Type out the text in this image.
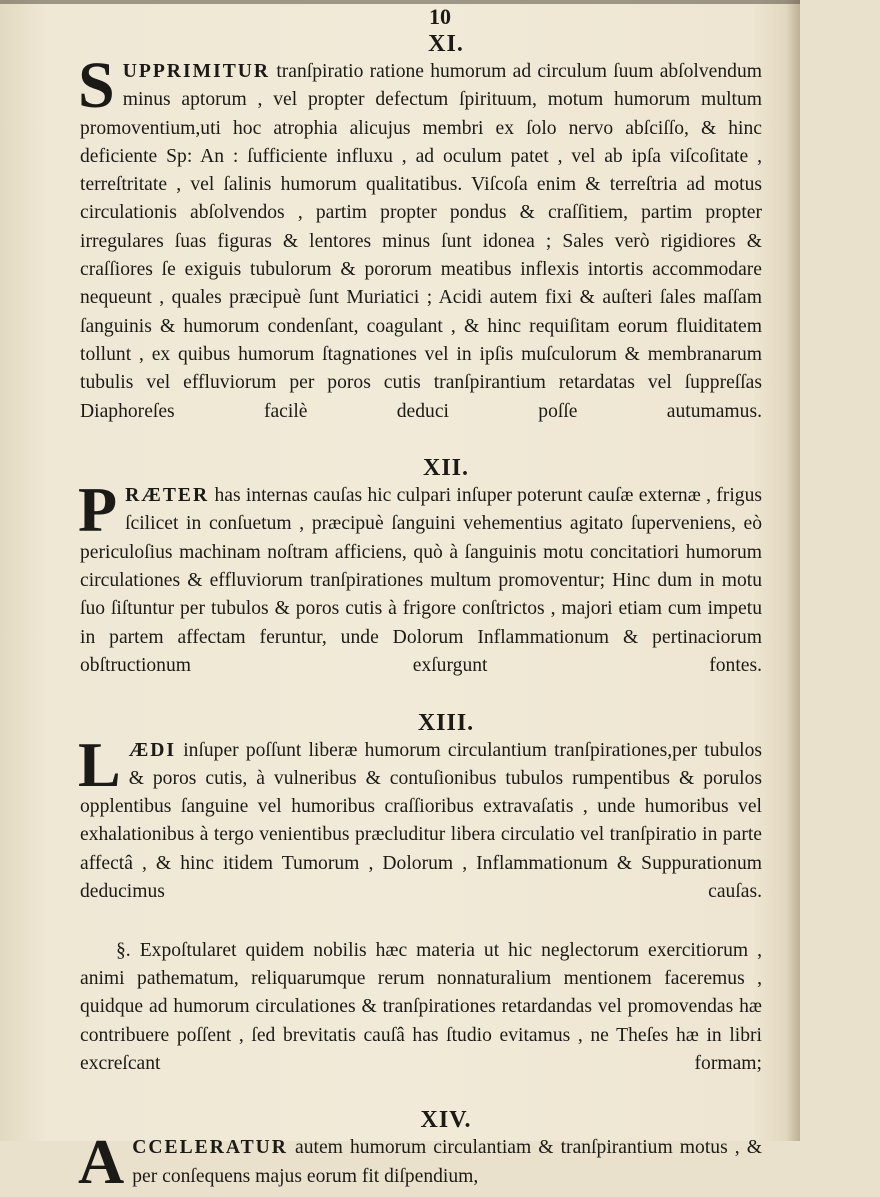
10
XI.
SUPPRIMITUR tranſpiratio ratione humorum ad circulum ſuum abſolvendum minus aptorum , vel propter defectum ſpirituum, motum humorum multum promoventium,uti hoc atrophia alicujus membri ex ſolo nervo abſciſſo, & hinc deficiente Sp: An : ſufficiente influxu , ad oculum patet , vel ab ipſa viſcoſitate , terreſtritate , vel ſalinis humorum qualitatibus. Viſcoſa enim & terreſtria ad motus circulationis abſolvendos , partim propter pondus & craſſitiem, partim propter irregulares ſuas figuras & lentores minus ſunt idonea ; Sales verò rigidiores & craſſiores ſe exiguis tubulorum & pororum meatibus inflexis intortis accommodare nequeunt , quales præcipuè ſunt Muriatici ; Acidi autem fixi & auſteri ſales maſſam ſanguinis & humorum condenſant, coagulant , & hinc requiſitam eorum fluiditatem tollunt , ex quibus humorum ſtagnationes vel in ipſis muſculorum & membranarum tubulis vel effluviorum per poros cutis tranſpirantium retardatas vel ſuppreſſas Diaphoreſes facilè deduci poſſe autumamus.
XII.
PRÆTER has internas cauſas hic culpari inſuper poterunt cauſæ externæ , frigus ſcilicet in conſuetum , præcipuè ſanguini vehementius agitato ſuperveniens, eò periculoſius machinam noſtram afficiens, quò à ſanguinis motu concitatiori humorum circulationes & effluviorum tranſpirationes multum promoventur; Hinc dum in motu ſuo ſiſtuntur per tubulos & poros cutis à frigore conſtrictos , majori etiam cum impetu in partem affectam feruntur, unde Dolorum Inflammationum & pertinaciorum obſtructionum exſurgunt fontes.
XIII.
LÆDI inſuper poſſunt liberæ humorum circulantium tranſpirationes,per tubulos & poros cutis, à vulneribus & contuſionibus tubulos rumpentibus & porulos opplentibus ſanguine vel humoribus craſſioribus extravaſatis , unde humoribus vel exhalationibus à tergo venientibus præcluditur libera circulatio vel tranſpiratio in parte affectâ , & hinc itidem Tumorum , Dolorum , Inflammationum & Suppurationum deducimus cauſas.
§. Expoſtularet quidem nobilis hæc materia ut hic neglectorum exercitiorum , animi pathematum, reliquarumque rerum nonnaturalium mentionem faceremus , quidque ad humorum circulationes & tranſpirationes retardandas vel promovendas hæ contribuere poſſent , ſed brevitatis cauſâ has ſtudio evitamus , ne Theſes hæ in libri excreſcant formam;
XIV.
ACCELERATUR autem humorum circulantiam & tranſpirantium motus , & per conſequens majus eorum fit diſpendium,
